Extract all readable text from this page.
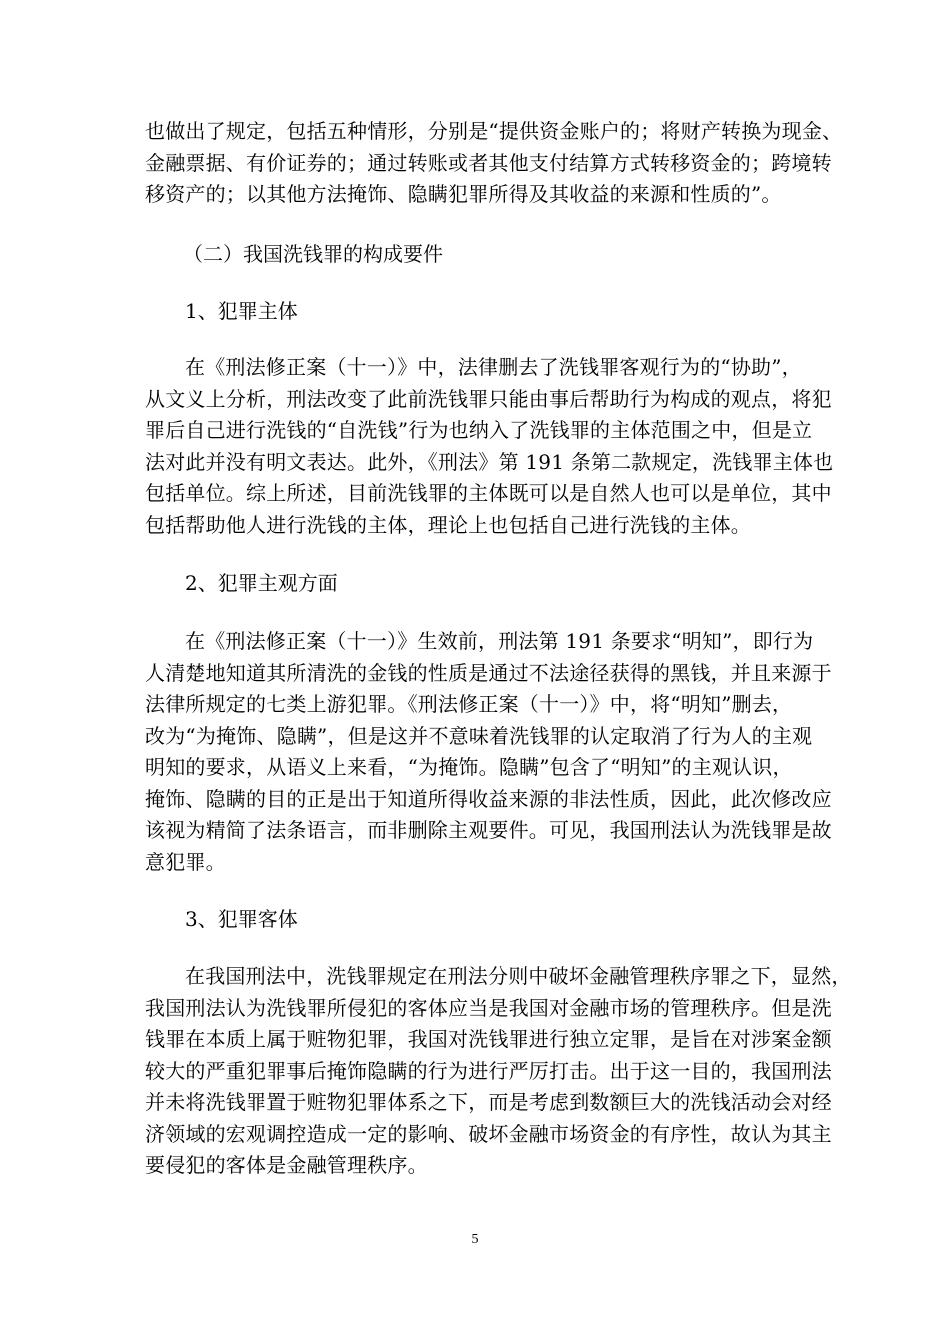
也做出了规定，包括五种情形，分别是“提供资金账户的；将财产转换为现金、
金融票据、有价证券的；通过转账或者其他支付结算方式转移资金的；跨境转
移资产的；以其他方法掩饰、隐瞒犯罪所得及其收益的来源和性质的”。
（二）我国洗钱罪的构成要件
1、犯罪主体
在《刑法修正案（十一）》中，法律删去了洗钱罪客观行为的“协助”，
从文义上分析，刑法改变了此前洗钱罪只能由事后帮助行为构成的观点，将犯
罪后自己进行洗钱的“自洗钱”行为也纳入了洗钱罪的主体范围之中，但是立
法对此并没有明文表达。此外，《刑法》第 191 条第二款规定，洗钱罪主体也
包括单位。综上所述，目前洗钱罪的主体既可以是自然人也可以是单位，其中
包括帮助他人进行洗钱的主体，理论上也包括自己进行洗钱的主体。
2、犯罪主观方面
在《刑法修正案（十一）》生效前，刑法第 191 条要求“明知”，即行为
人清楚地知道其所清洗的金钱的性质是通过不法途径获得的黑钱，并且来源于
法律所规定的七类上游犯罪。《刑法修正案（十一）》中，将“明知”删去，
改为“为掩饰、隐瞒”，但是这并不意味着洗钱罪的认定取消了行为人的主观
明知的要求，从语义上来看，“为掩饰。隐瞒”包含了“明知”的主观认识，
掩饰、隐瞒的目的正是出于知道所得收益来源的非法性质，因此，此次修改应
该视为精简了法条语言，而非删除主观要件。可见，我国刑法认为洗钱罪是故
意犯罪。
3、犯罪客体
在我国刑法中，洗钱罪规定在刑法分则中破坏金融管理秩序罪之下，显然，
我国刑法认为洗钱罪所侵犯的客体应当是我国对金融市场的管理秩序。但是洗
钱罪在本质上属于赃物犯罪，我国对洗钱罪进行独立定罪，是旨在对涉案金额
较大的严重犯罪事后掩饰隐瞒的行为进行严厉打击。出于这一目的，我国刑法
并未将洗钱罪置于赃物犯罪体系之下，而是考虑到数额巨大的洗钱活动会对经
济领域的宏观调控造成一定的影响、破坏金融市场资金的有序性，故认为其主
要侵犯的客体是金融管理秩序。
5
